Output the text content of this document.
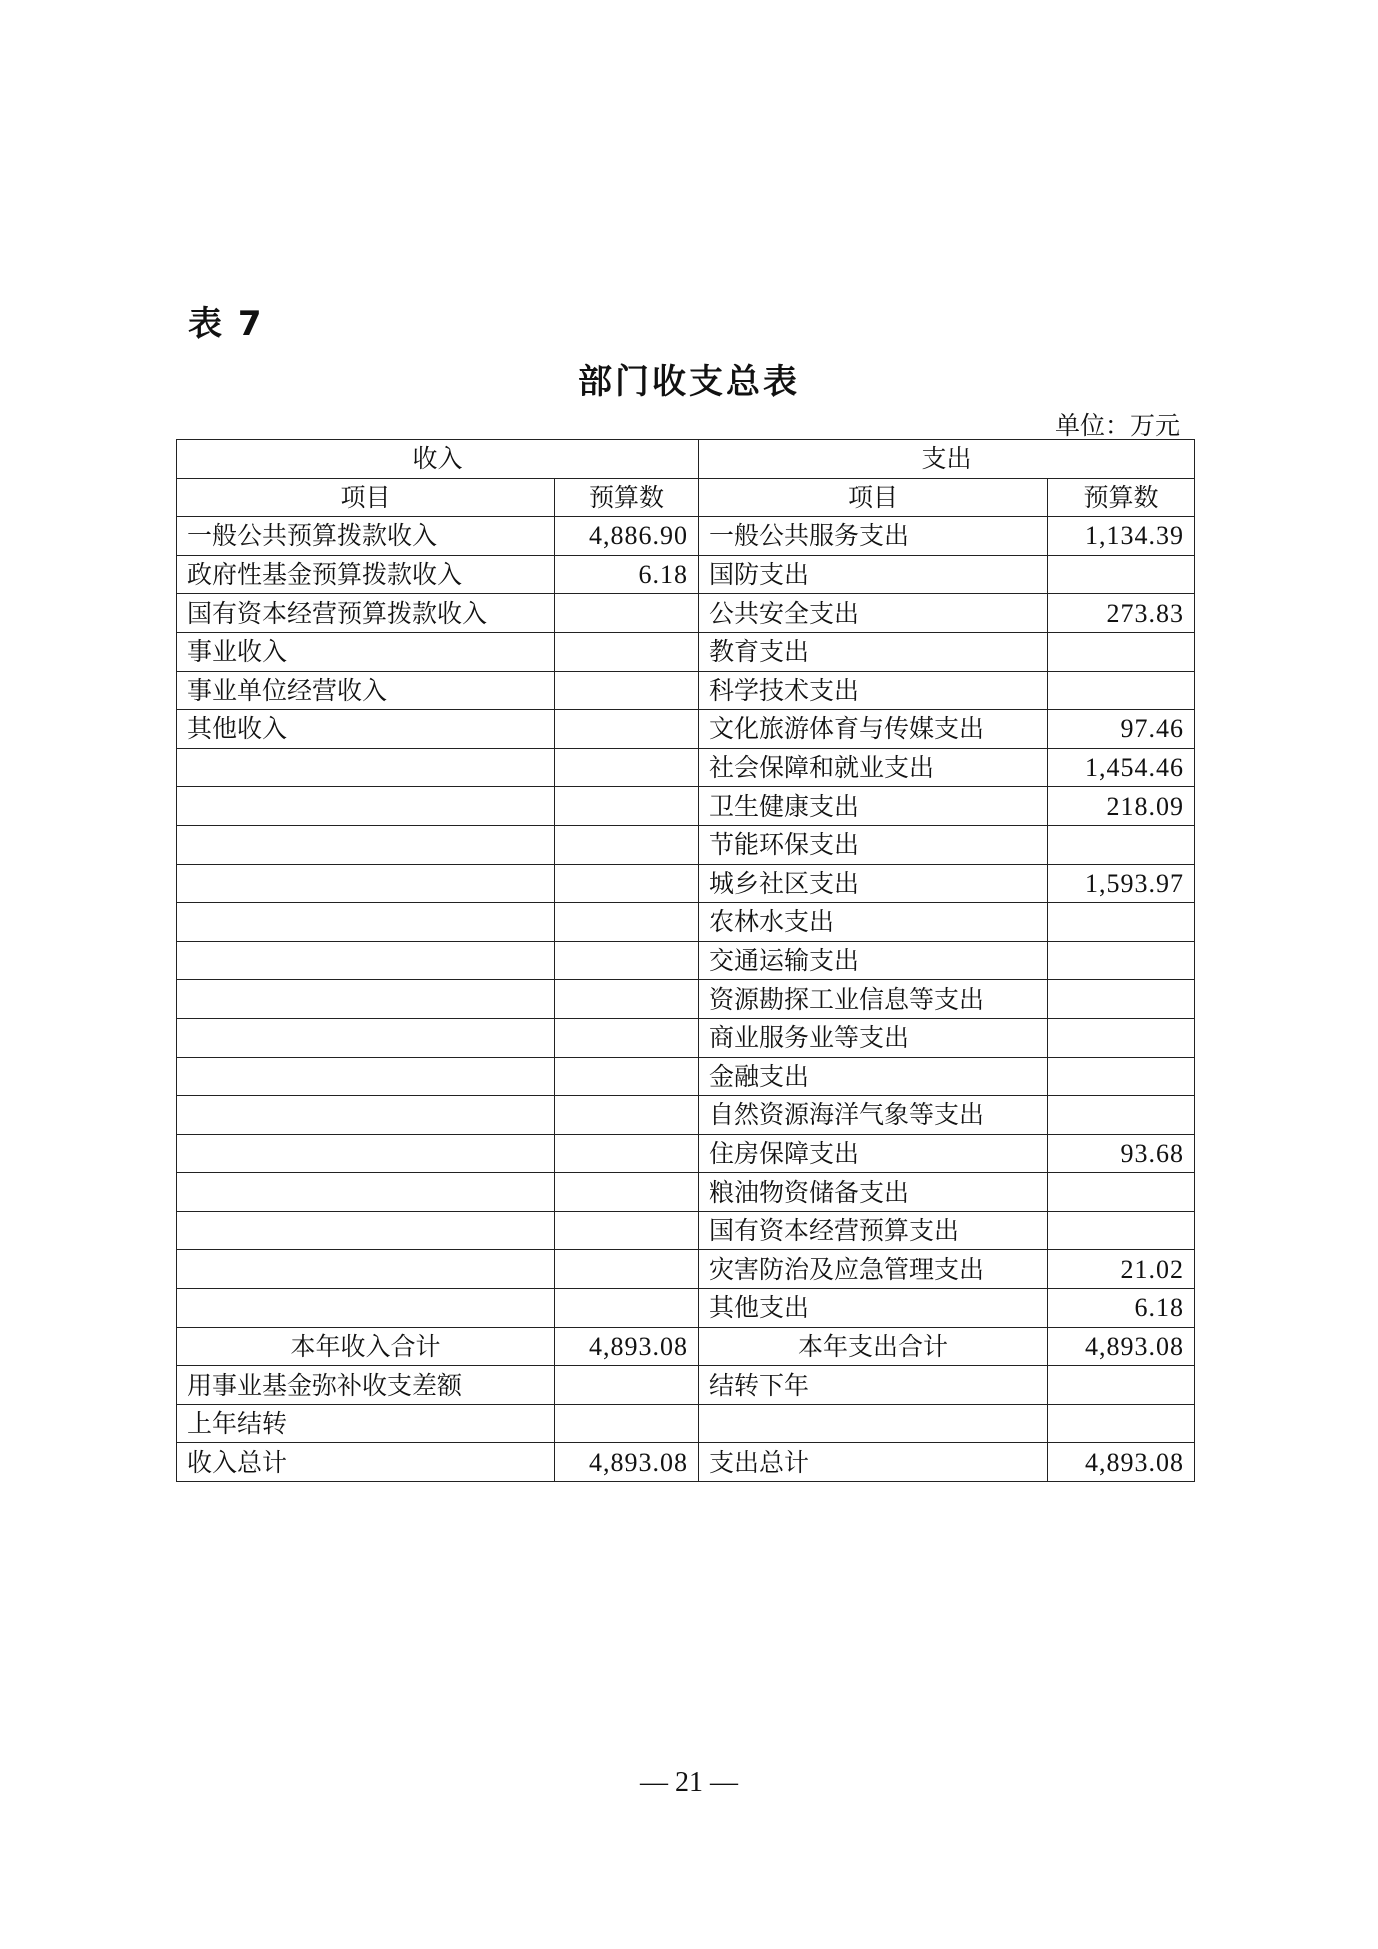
表 7
部门收支总表
单位：万元
收入		支出	
项目	预算数	项目	预算数
一般公共预算拨款收入	4,886.90	一般公共服务支出	1,134.39
政府性基金预算拨款收入	6.18	国防支出	
国有资本经营预算拨款收入		公共安全支出	273.83
事业收入		教育支出	
事业单位经营收入		科学技术支出	
其他收入		文化旅游体育与传媒支出	97.46
		社会保障和就业支出	1,454.46
		卫生健康支出	218.09
		节能环保支出	
		城乡社区支出	1,593.97
		农林水支出	
		交通运输支出	
		资源勘探工业信息等支出	
		商业服务业等支出	
		金融支出	
		自然资源海洋气象等支出	
		住房保障支出	93.68
		粮油物资储备支出	
		国有资本经营预算支出	
		灾害防治及应急管理支出	21.02
		其他支出	6.18
本年收入合计	4,893.08	本年支出合计	4,893.08
用事业基金弥补收支差额		结转下年	
上年结转			
收入总计	4,893.08	支出总计	4,893.08
— 21 —
